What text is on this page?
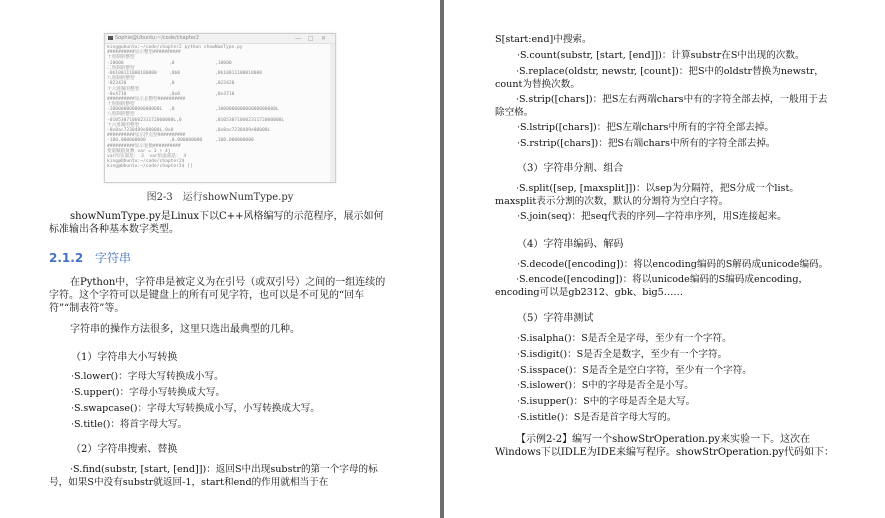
Sophie@Ubuntu:~/code/chapter2	— □ ✕
king@ubuntu:~/code/chapter2 python showNumType.py
##########显示整型##########
十进制的整型
-20000	,0	,10000
二进制的整型
-0b100111000100000	,0b0	,0b10011100010000
八进制的整型
-023420	,0	,023420
十六进制的整型
-0x4710	,0x0	,0x4710
##########显示长整型##########
十进制的整型
-200000000000000000L ,0	,100000000000000000000L
八进制的整型
-01053071060231172000000L,0	,01053071060231172000000L
十六进制的整型
-0x8ac7230489e80000L,0x0	,0x8ac7230489e80000L
##########显示浮点型##########
-100.000000000	,0.000000000	,100.000000000
##########显示复数##########
变量赋值复数 var = 3 + 4j
var的实部是： 3  var的虚部是： 4
king@Ubuntu:~/code/chapter2$
king@Ubuntu:~/code/chapter2$ []
图2-3　运行showNumType.py
showNumType.py是Linux下以C++风格编写的示范程序，展示如何标准输出各种基本数字类型。
2.1.2 字符串
在Python中，字符串是被定义为在引号（或双引号）之间的一组连续的字符。这个字符可以是键盘上的所有可见字符，也可以是不可见的“回车符”“制表符”等。
字符串的操作方法很多，这里只选出最典型的几种。
（1）字符串大小写转换
·S.lower()：字母大写转换成小写。
·S.upper()：字母小写转换成大写。
·S.swapcase()：字母大写转换成小写，小写转换成大写。
·S.title()：将首字母大写。
（2）字符串搜索、替换
·S.find(substr, [start, [end]])：返回S中出现substr的第一个字母的标号，如果S中没有substr就返回-1，start和end的作用就相当于在
S[start:end]中搜索。
·S.count(substr, [start, [end]])：计算substr在S中出现的次数。
·S.replace(oldstr, newstr, [count])：把S中的oldstr替换为newstr，count为替换次数。
·S.strip([chars])：把S左右两端chars中有的字符全部去掉，一般用于去除空格。
·S.lstrip([chars])：把S左端chars中所有的字符全部去掉。
·S.rstrip([chars])：把S右端chars中所有的字符全部去掉。
（3）字符串分割、组合
·S.split([sep, [maxsplit]])：以sep为分隔符，把S分成一个list。maxsplit表示分割的次数，默认的分割符为空白字符。
·S.join(seq)：把seq代表的序列—字符串序列，用S连接起来。
（4）字符串编码、解码
·S.decode([encoding])：将以encoding编码的S解码成unicode编码。
·S.encode([encoding])：将以unicode编码的S编码成encoding，encoding可以是gb2312、gbk、big5……
（5）字符串测试
·S.isalpha()：S是否全是字母，至少有一个字符。
·S.isdigit()：S是否全是数字，至少有一个字符。
·S.isspace()：S是否全是空白字符，至少有一个字符。
·S.islower()：S中的字母是否全是小写。
·S.isupper()：S中的字母是否全是大写。
·S.istitle()：S是否是首字母大写的。
【示例2-2】编写一个showStrOperation.py来实验一下。这次在Windows下以IDLE为IDE来编写程序。showStrOperation.py代码如下：
